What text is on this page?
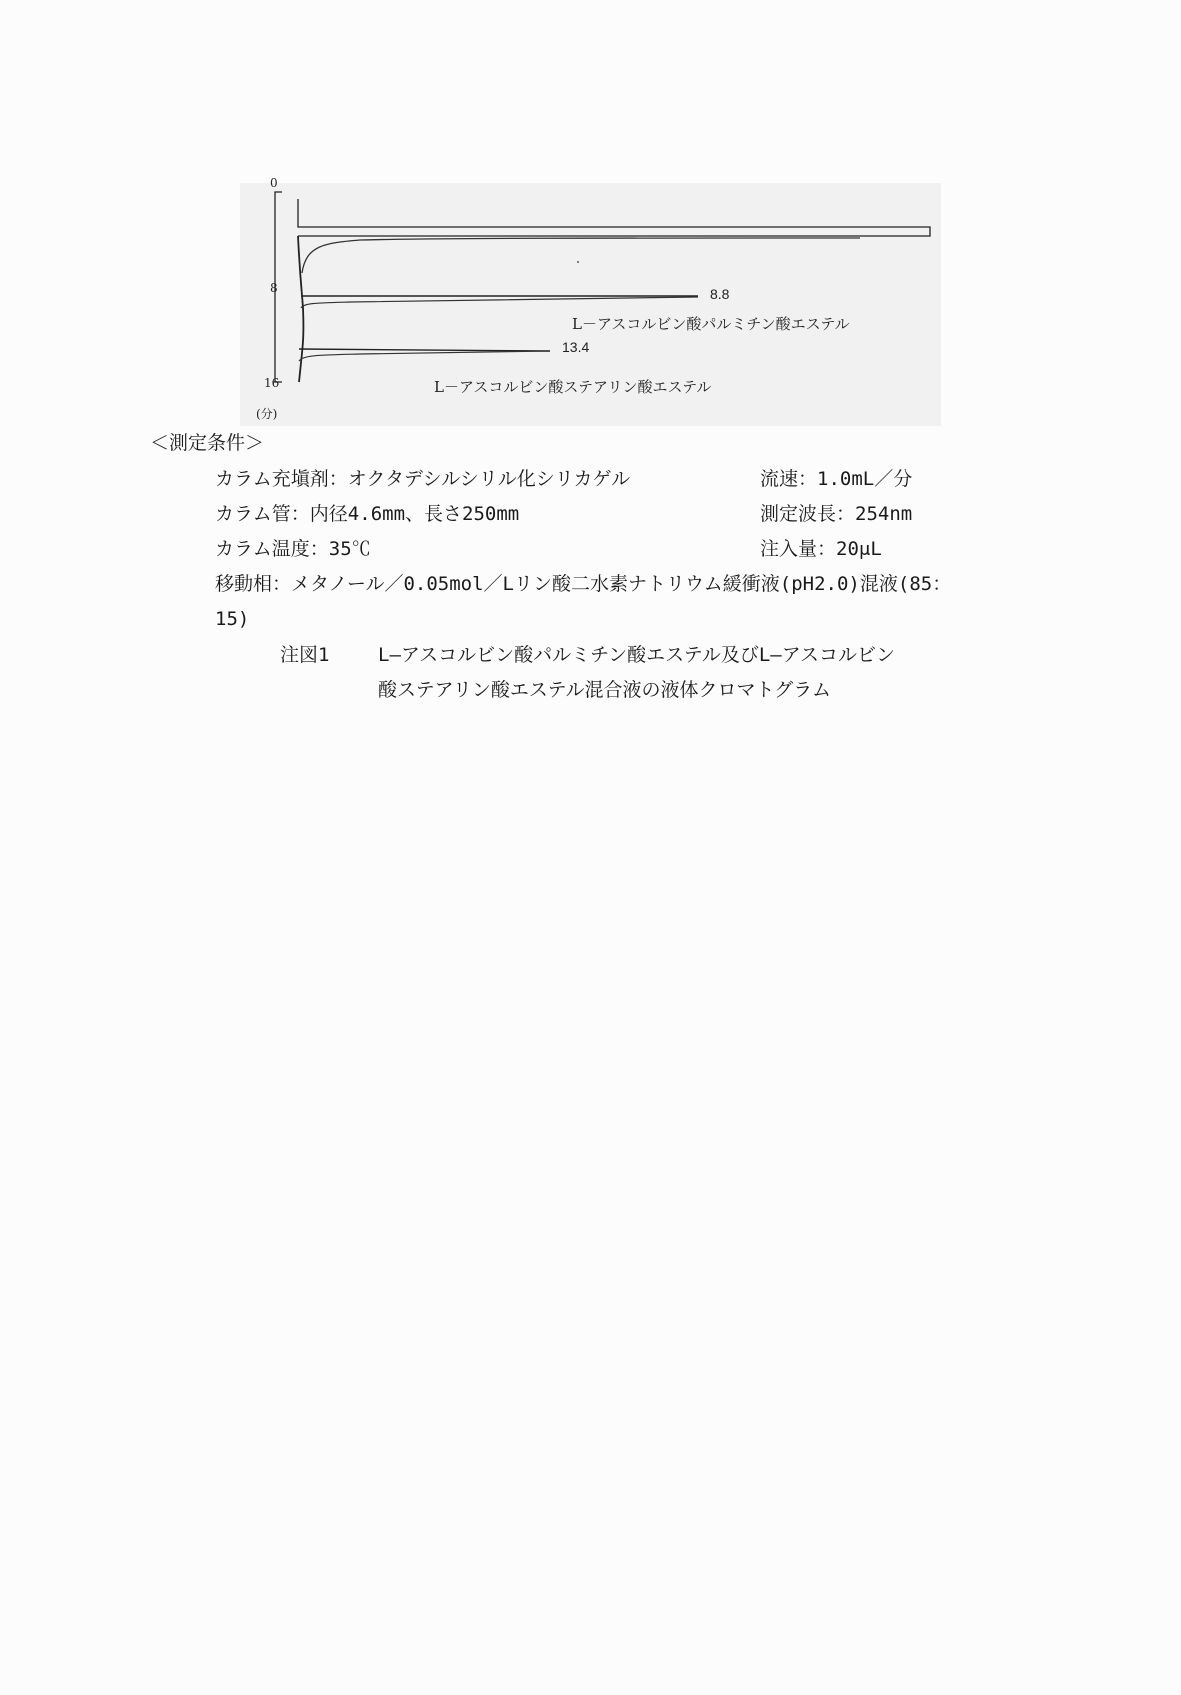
0
8
16
(分)
8.8
L－アスコルビン酸パルミチン酸エステル
13.4
L－アスコルビン酸ステアリン酸エステル
＜測定条件＞
カラム充塡剤：オクタデシルシリル化シリカゲル	流速：1.0mL／分
カラム管：内径4.6mm、長さ250mm	測定波長：254nm
カラム温度：35℃	注入量：20μL
移動相：メタノール／0.05mol／Lリン酸二水素ナトリウム緩衝液(pH2.0)混液(85：
15)
注図1	L―アスコルビン酸パルミチン酸エステル及びL―アスコルビン
酸ステアリン酸エステル混合液の液体クロマトグラム
